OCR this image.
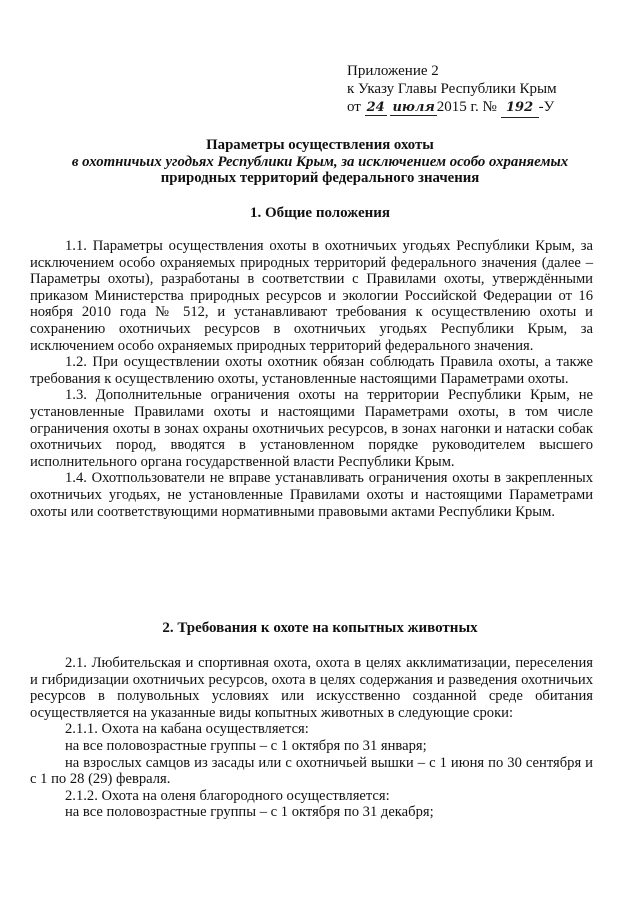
Приложение 2
к Указу Главы Республики Крым
от 24 июля 2015 г. № 192 -У
Параметры осуществления охоты
в охотничьих угодьях Республики Крым, за исключением особо охраняемых
природных территорий федерального значения
1. Общие положения

1.1. Параметры осуществления охоты в охотничьих угодьях Республики Крым, за исключением особо охраняемых природных территорий федерального значения (далее – Параметры охоты), разработаны в соответствии с Правилами охоты, утверждёнными приказом Министерства природных ресурсов и экологии Российской Федерации от 16 ноября 2010 года № 512, и устанавливают требования к осуществлению охоты и сохранению охотничьих ресурсов в охотничьих угодьях Республики Крым, за исключением особо охраняемых природных территорий федерального значения.

1.2. При осуществлении охоты охотник обязан соблюдать Правила охоты, а также требования к осуществлению охоты, установленные настоящими Параметрами охоты.

1.3. Дополнительные ограничения охоты на территории Республики Крым, не установленные Правилами охоты и настоящими Параметрами охоты, в том числе ограничения охоты в зонах охраны охотничьих ресурсов, в зонах нагонки и натаски собак охотничьих пород, вводятся в установленном порядке руководителем высшего исполнительного органа государственной власти Республики Крым.

1.4. Охотпользователи не вправе устанавливать ограничения охоты в закрепленных охотничьих угодьях, не установленные Правилами охоты и настоящими Параметрами охоты или соответствующими нормативными правовыми актами Республики Крым.

2. Требования к охоте на копытных животных

2.1. Любительская и спортивная охота, охота в целях акклиматизации, переселения и гибридизации охотничьих ресурсов, охота в целях содержания и разведения охотничьих ресурсов в полувольных условиях или искусственно созданной среде обитания осуществляется на указанные виды копытных животных в следующие сроки:

2.1.1. Охота на кабана осуществляется:

на все половозрастные группы – с 1 октября по 31 января;

на взрослых самцов из засады или с охотничьей вышки – с 1 июня по 30 сентября и с 1 по 28 (29) февраля.

2.1.2. Охота на оленя благородного осуществляется:

на все половозрастные группы – с 1 октября по 31 декабря;
